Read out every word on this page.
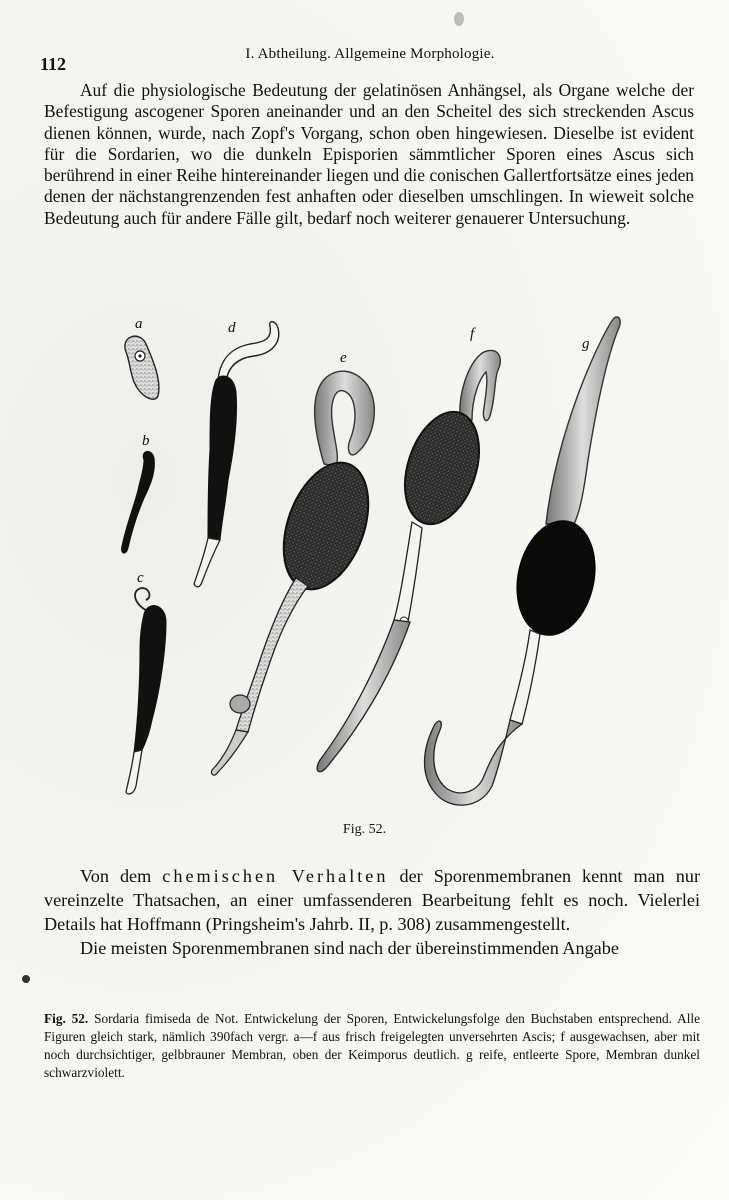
112	I. Abtheilung. Allgemeine Morphologie.

Auf die physiologische Bedeutung der gelatinösen Anhängsel, als Organe welche der Befestigung ascogener Sporen aneinander und an den Scheitel des sich streckenden Ascus dienen können, wurde, nach Zopf's Vorgang, schon oben hingewiesen. Dieselbe ist evident für die Sordarien, wo die dunkeln Episporien sämmtlicher Sporen eines Ascus sich berührend in einer Reihe hintereinander liegen und die conischen Gallertfortsätze eines jeden denen der nächstangrenzenden fest anhaften oder dieselben umschlingen. In wieweit solche Bedeutung auch für andere Fälle gilt, bedarf noch weiterer genauerer Untersuchung.

a
b
c
d
e
f
g
Fig. 52.

Von dem chemischen Verhalten der Sporenmembranen kennt man nur vereinzelte Thatsachen, an einer umfassenderen Bearbeitung fehlt es noch. Vielerlei Details hat Hoffmann (Pringsheim's Jahrb. II, p. 308) zusammengestellt.

Die meisten Sporenmembranen sind nach der übereinstimmenden Angabe

Fig. 52. Sordaria fimiseda de Not. Entwickelung der Sporen, Entwickelungsfolge den Buchstaben entsprechend. Alle Figuren gleich stark, nämlich 390fach vergr. a—f aus frisch freigelegten unversehrten Ascis; f ausgewachsen, aber mit noch durchsichtiger, gelbbrauner Membran, oben der Keimporus deutlich. g reife, entleerte Spore, Membran dunkel schwarzviolett.
